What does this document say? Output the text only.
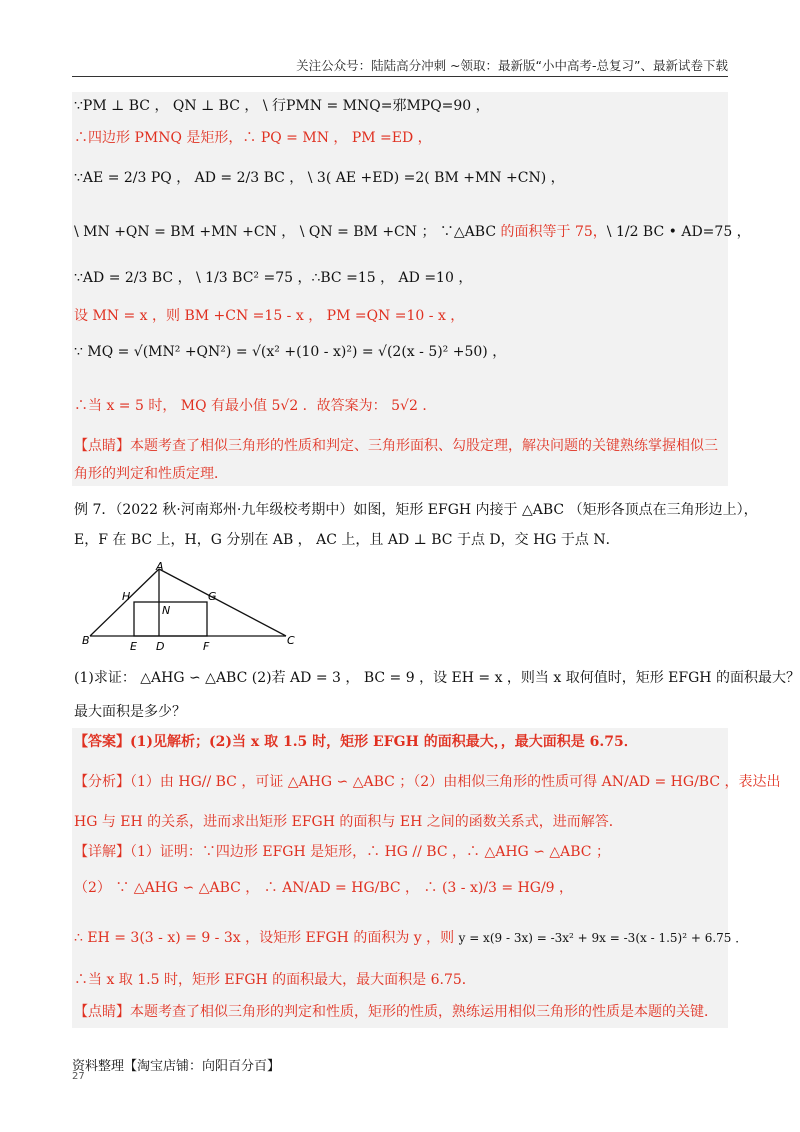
关注公众号：陆陆高分冲刺 ~领取：最新版“小中高考-总复习”、最新试卷下载
∵PM ⊥ BC ， QN ⊥ BC ， \ 行PMN = MNQ=邪MPQ=90 ，
∴四边形 PMNQ 是矩形，∴ PQ = MN ， PM =ED ，
∵AE = 2/3 PQ ， AD = 2/3 BC ， \ 3( AE +ED) =2( BM +MN +CN) ，
\ MN +QN = BM +MN +CN ， \ QN = BM +CN ； ∵△ABC 的面积等于 75，\ 1/2 BC • AD=75 ，
∵AD = 2/3 BC ， \ 1/3 BC² =75 ，∴BC =15 ， AD =10 ，
设 MN = x ，则 BM +CN =15 - x ， PM =QN =10 - x ，
∵ MQ = √(MN² +QN²) = √(x² +(10 - x)²) = √(2(x - 5)² +50) ，
∴当 x = 5 时， MQ 有最小值 5√2 ．故答案为： 5√2 ．
【点睛】本题考查了相似三角形的性质和判定、三角形面积、勾股定理，解决问题的关键熟练掌握相似三
角形的判定和性质定理．
例 7．（2022 秋·河南郑州·九年级校考期中）如图，矩形 EFGH 内接于 △ABC （矩形各顶点在三角形边上），
E，F 在 BC 上，H，G 分别在 AB ， AC 上，且 AD ⊥ BC 于点 D，交 HG 于点 N．
A
B	C
D
E	F
G
H
N
(1)求证： △AHG ∽ △ABC (2)若 AD = 3 ， BC = 9 ，设 EH = x ，则当 x 取何值时，矩形 EFGH 的面积最大？
最大面积是多少？
【答案】(1)见解析；(2)当 x 取 1.5 时，矩形 EFGH 的面积最大，，最大面积是 6.75．
【分析】（1）由 HG// BC ，可证 △AHG ∽ △ABC ；（2）由相似三角形的性质可得 AN/AD = HG/BC ，表达出
HG 与 EH 的关系，进而求出矩形 EFGH 的面积与 EH 之间的函数关系式，进而解答．
【详解】（1）证明：∵四边形 EFGH 是矩形，∴ HG // BC ，∴ △AHG ∽ △ABC ；
（2） ∵ △AHG ∽ △ABC ， ∴ AN/AD = HG/BC ， ∴ (3 - x)/3 = HG/9 ，
∴ EH = 3(3 - x) = 9 - 3x ，设矩形 EFGH 的面积为 y ，则 y = x(9 - 3x) = -3x² + 9x = -3(x - 1.5)² + 6.75 ．
∴当 x 取 1.5 时，矩形 EFGH 的面积最大，最大面积是 6.75．
【点睛】本题考查了相似三角形的判定和性质，矩形的性质，熟练运用相似三角形的性质是本题的关键．
资料整理【淘宝店铺：向阳百分百】
27
